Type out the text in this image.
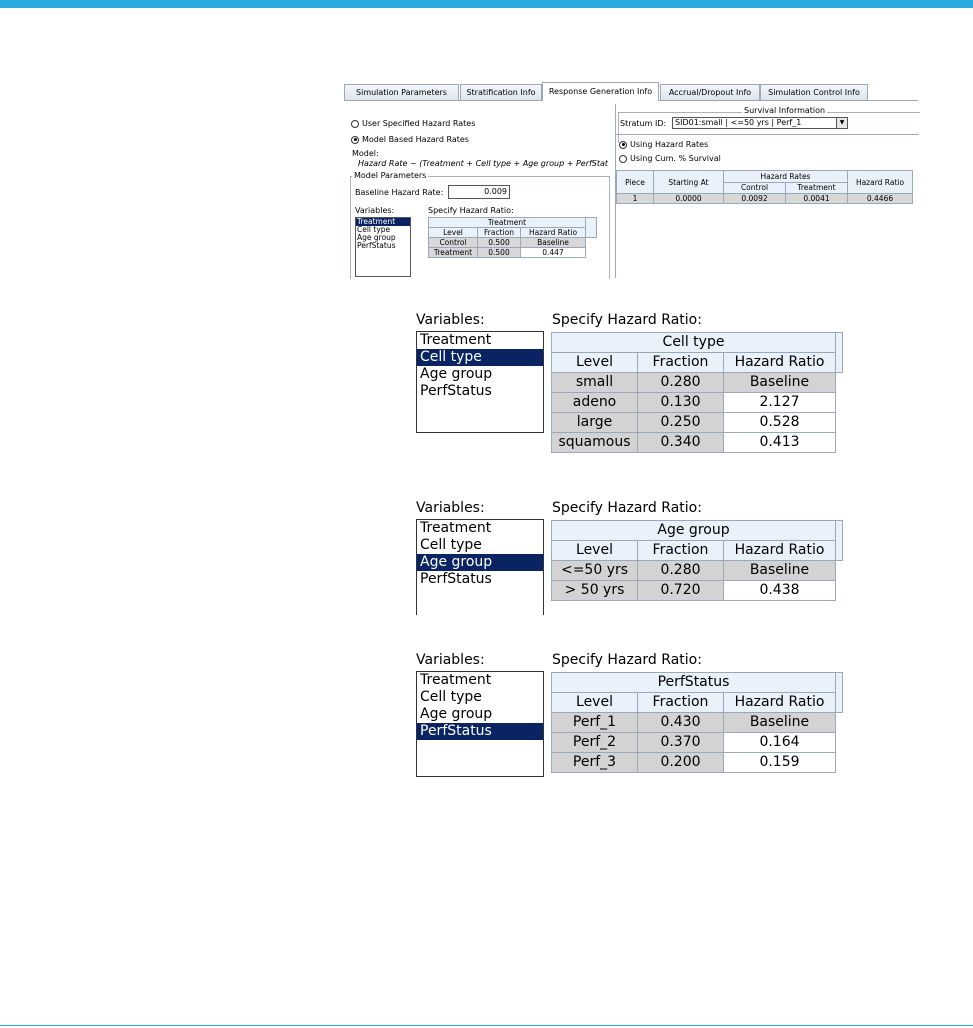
Simulation Parameters	Stratification Info	Response Generation Info	Accrual/Dropout Info	Simulation Control Info
User Specified Hazard Rates
Model Based Hazard Rates
Model:
Hazard Rate ~ (Treatment + Cell type + Age group + PerfStat
Model Parameters
Baseline Hazard Rate:	0.009
Variables:	Specify Hazard Ratio:
Treatment
Cell type
Age group
PerfStatus
Treatment			
Level	Fraction	Hazard Ratio	
Control	0.500	Baseline	
Treatment	0.500	0.447	
Survival Information
Stratum ID:	SID01:small | <=50 yrs | Perf_1	▼
Using Hazard Rates
Using Cum. % Survival
Piece	Starting At	Hazard Rates		Hazard Ratio
		Control	Treatment	
1	0.0000	0.0092	0.0041	0.4466
Variables:	Specify Hazard Ratio:
Treatment
Cell type
Age group
PerfStatus
Cell type			
Level	Fraction	Hazard Ratio	
small	0.280	Baseline	
adeno	0.130	2.127	
large	0.250	0.528	
squamous	0.340	0.413	
Variables:	Specify Hazard Ratio:
Treatment
Cell type
Age group
PerfStatus
Age group			
Level	Fraction	Hazard Ratio	
<=50 yrs	0.280	Baseline	
> 50 yrs	0.720	0.438	
Variables:	Specify Hazard Ratio:
Treatment
Cell type
Age group
PerfStatus
PerfStatus			
Level	Fraction	Hazard Ratio	
Perf_1	0.430	Baseline	
Perf_2	0.370	0.164	
Perf_3	0.200	0.159	
